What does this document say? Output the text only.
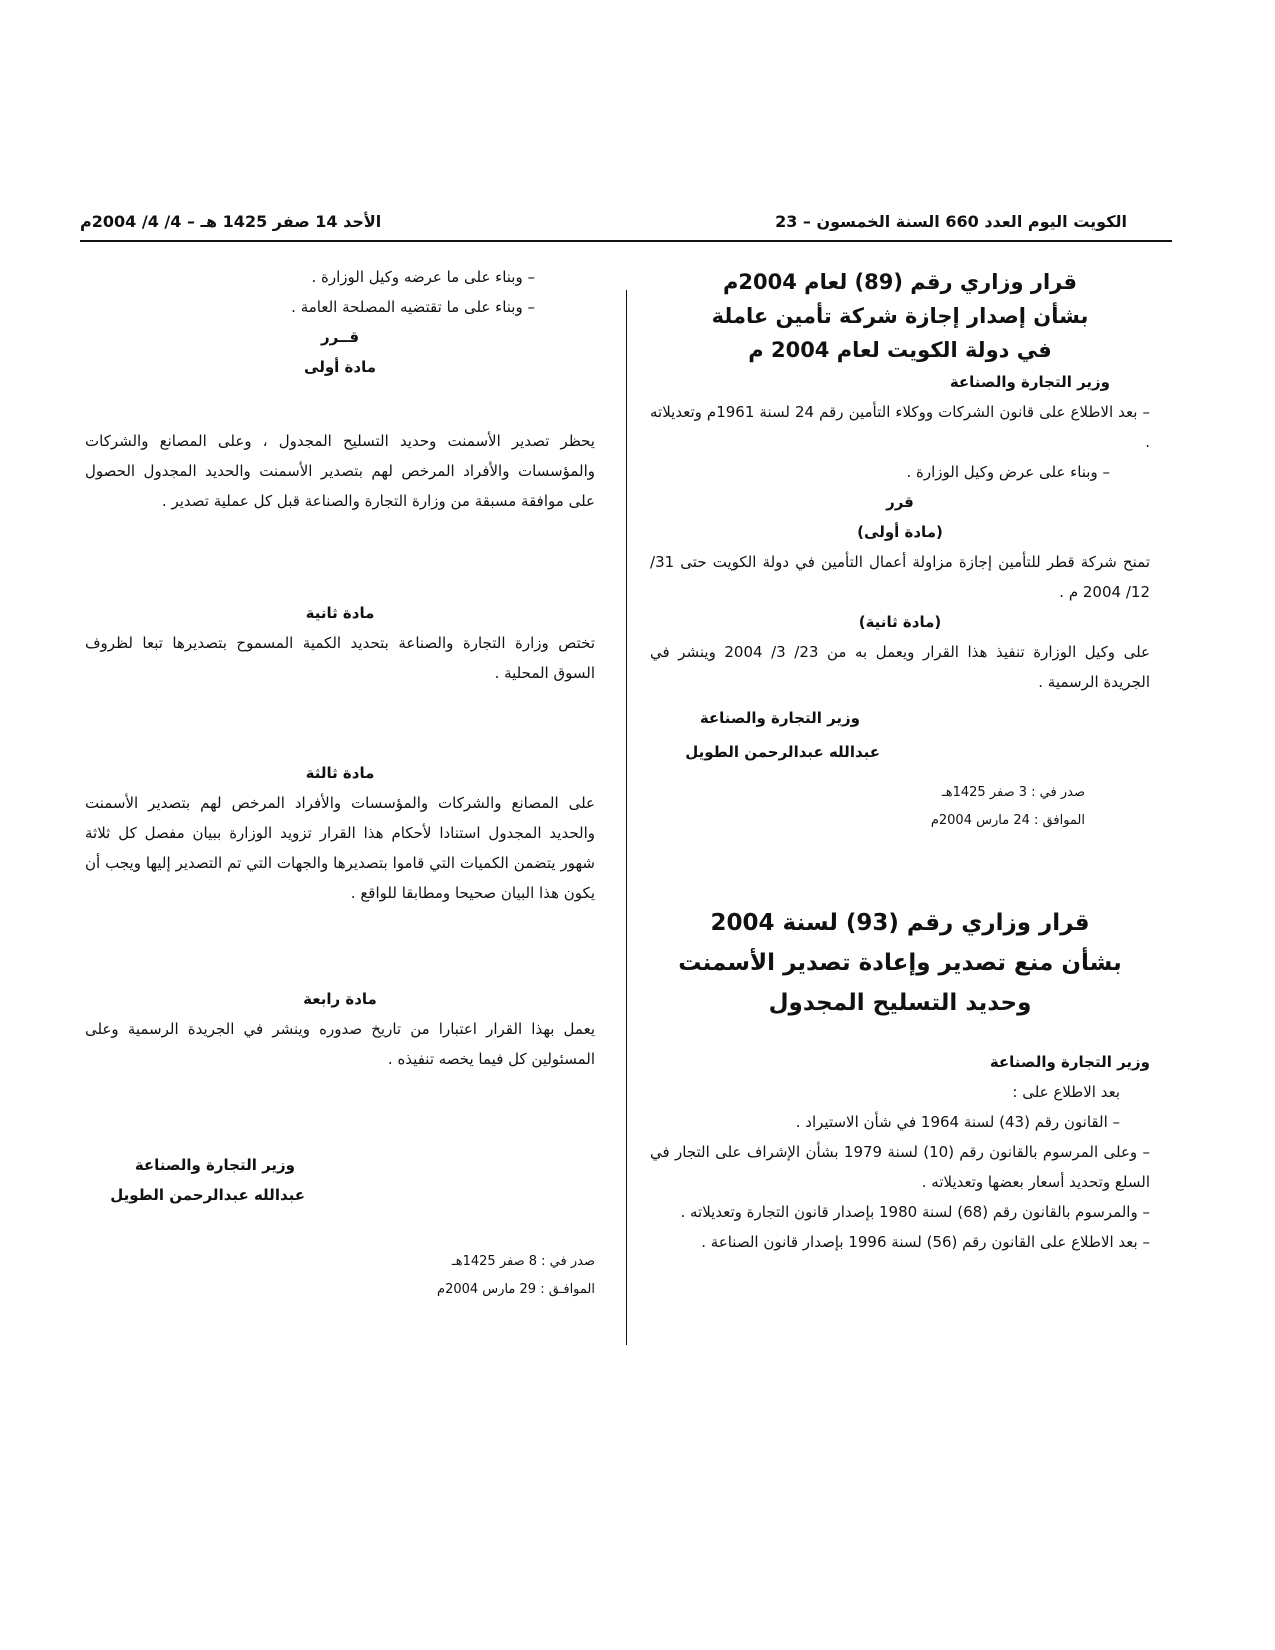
الكويت اليوم العدد 660 السنة الخمسون – 23
الأحد 14 صفر 1425 هـ – 4/ 4/ 2004م

قرار وزاري رقم (89) لعام 2004م

بشأن إصدار إجازة شركة تأمين عاملة

في دولة الكويت لعام 2004 م

وزير التجارة والصناعة

– بعد الاطلاع على قانون الشركات ووكلاء التأمين رقم 24 لسنة 1961م وتعديلاته .

– وبناء على عرض وكيل الوزارة .

قرر

(مادة أولى)

تمنح شركة قطر للتأمين إجازة مزاولة أعمال التأمين في دولة الكويت حتى 31/ 12/ 2004 م .

(مادة ثانية)

على وكيل الوزارة تنفيذ هذا القرار ويعمل به من 23/ 3/ 2004 وينشر في الجريدة الرسمية .

وزير التجارة والصناعة

عبدالله عبدالرحمن الطويل

صدر في : 3 صفر 1425هـ

الموافق : 24 مارس 2004م

قرار وزاري رقم (93) لسنة 2004

بشأن منع تصدير وإعادة تصدير الأسمنت

وحديد التسليح المجدول

وزير التجارة والصناعة

بعد الاطلاع على :

– القانون رقم (43) لسنة 1964 في شأن الاستيراد .

– وعلى المرسوم بالقانون رقم (10) لسنة 1979 بشأن الإشراف على التجار في السلع وتحديد أسعار بعضها وتعديلاته .

– والمرسوم بالقانون رقم (68) لسنة 1980 بإصدار قانون التجارة وتعديلاته .

– بعد الاطلاع على القانون رقم (56) لسنة 1996 بإصدار قانون الصناعة .

– وبناء على ما عرضه وكيل الوزارة .

– وبناء على ما تقتضيه المصلحة العامة .

قــرر

مادة أولى

يحظر تصدير الأسمنت وحديد التسليح المجدول ، وعلى المصانع والشركات والمؤسسات والأفراد المرخص لهم بتصدير الأسمنت والحديد المجدول الحصول على موافقة مسبقة من وزارة التجارة والصناعة قبل كل عملية تصدير .

مادة ثانية

تختص وزارة التجارة والصناعة بتحديد الكمية المسموح بتصديرها تبعا لظروف السوق المحلية .

مادة ثالثة

على المصانع والشركات والمؤسسات والأفراد المرخص لهم بتصدير الأسمنت والحديد المجدول استنادا لأحكام هذا القرار تزويد الوزارة ببيان مفصل كل ثلاثة شهور يتضمن الكميات التي قاموا بتصديرها والجهات التي تم التصدير إليها ويجب أن يكون هذا البيان صحيحا ومطابقا للواقع .

مادة رابعة

يعمل بهذا القرار اعتبارا من تاريخ صدوره وينشر في الجريدة الرسمية وعلى المسئولين كل فيما يخصه تنفيذه .

وزير التجارة والصناعة

عبدالله عبدالرحمن الطويل

صدر في : 8 صفر 1425هـ

الموافـق : 29 مارس 2004م
